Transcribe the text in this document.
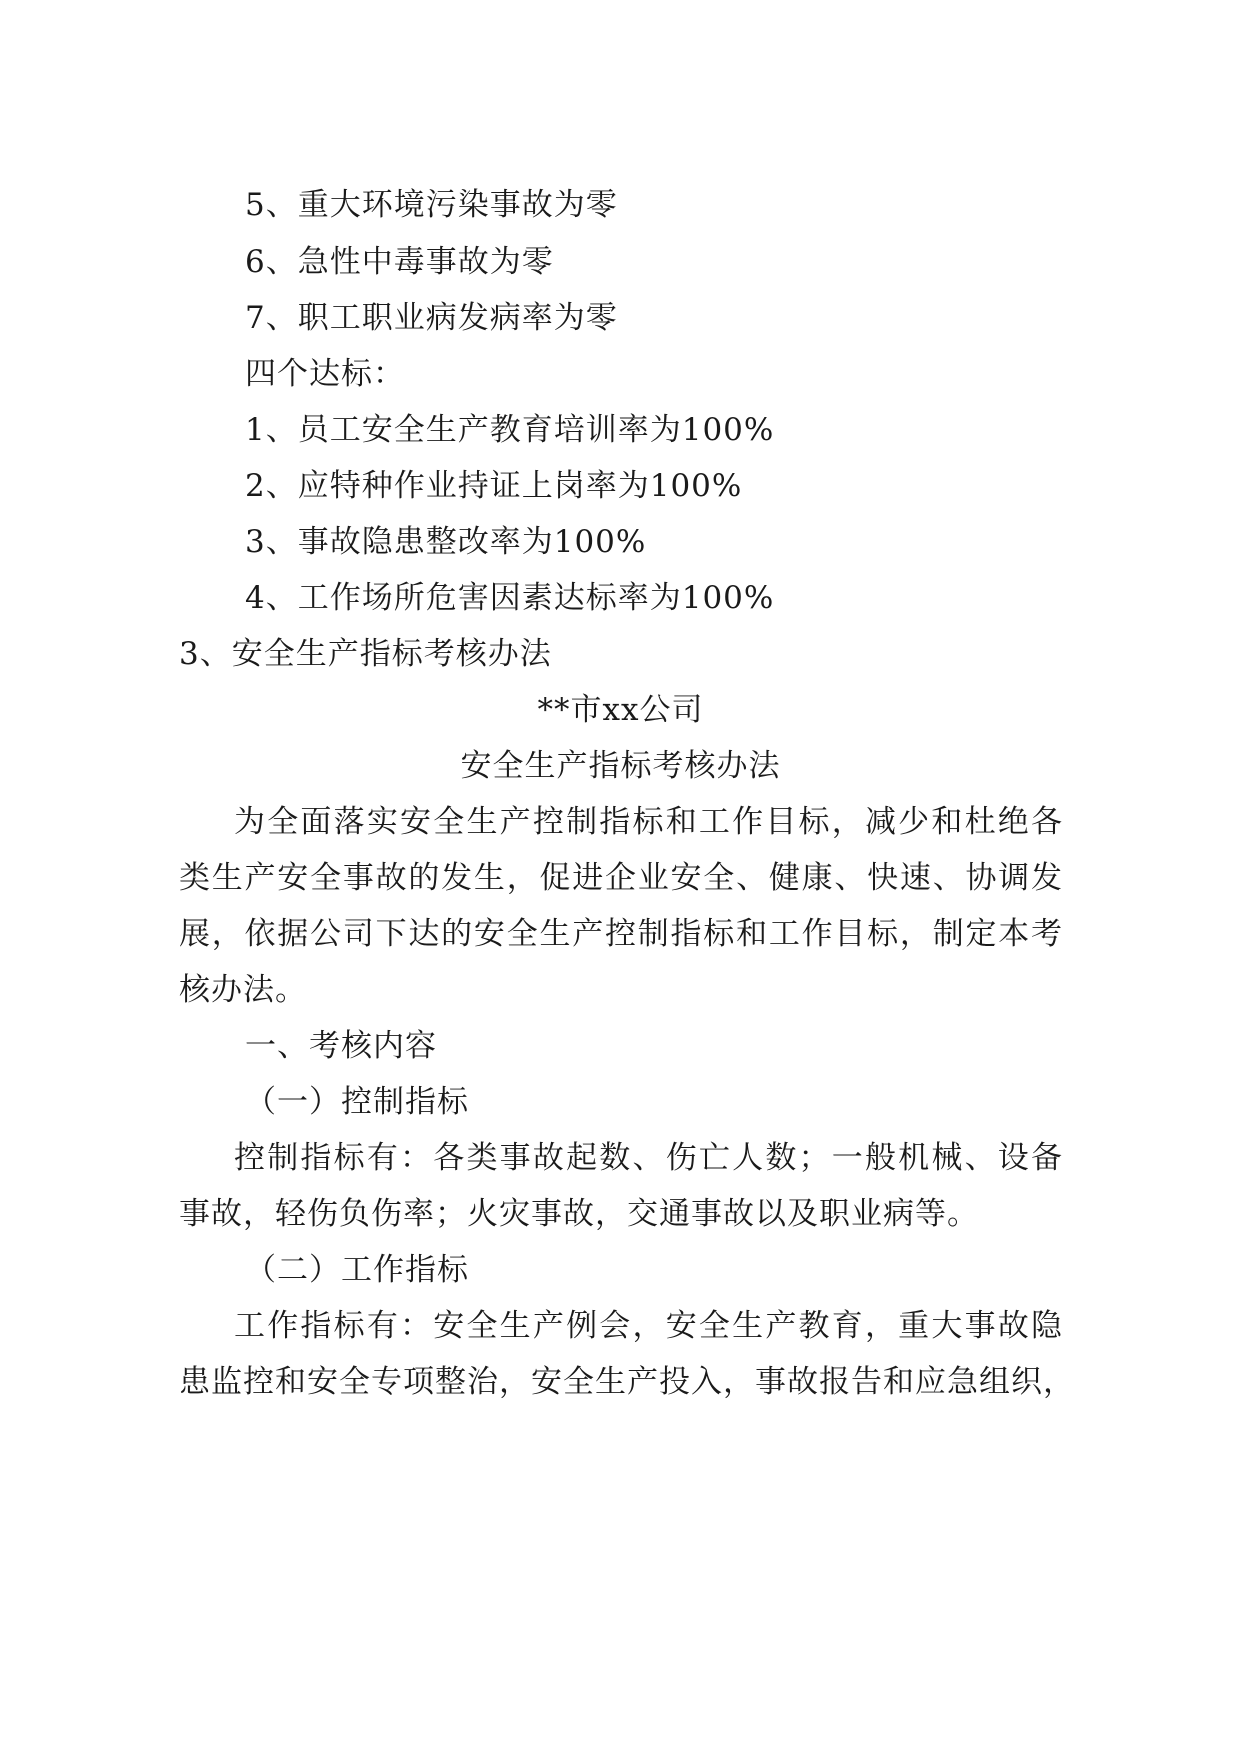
5、重大环境污染事故为零
6、急性中毒事故为零
7、职工职业病发病率为零
四个达标：
1、员工安全生产教育培训率为100%
2、应特种作业持证上岗率为100%
3、事故隐患整改率为100%
4、工作场所危害因素达标率为100%
3、安全生产指标考核办法
**市xx公司
安全生产指标考核办法
为全面落实安全生产控制指标和工作目标，减少和杜绝各
类生产安全事故的发生，促进企业安全、健康、快速、协调发
展，依据公司下达的安全生产控制指标和工作目标，制定本考
核办法。
一、考核内容
（一）控制指标
控制指标有：各类事故起数、伤亡人数；一般机械、设备
事故，轻伤负伤率；火灾事故，交通事故以及职业病等。
（二）工作指标
工作指标有：安全生产例会，安全生产教育，重大事故隐
患监控和安全专项整治，安全生产投入，事故报告和应急组织，
